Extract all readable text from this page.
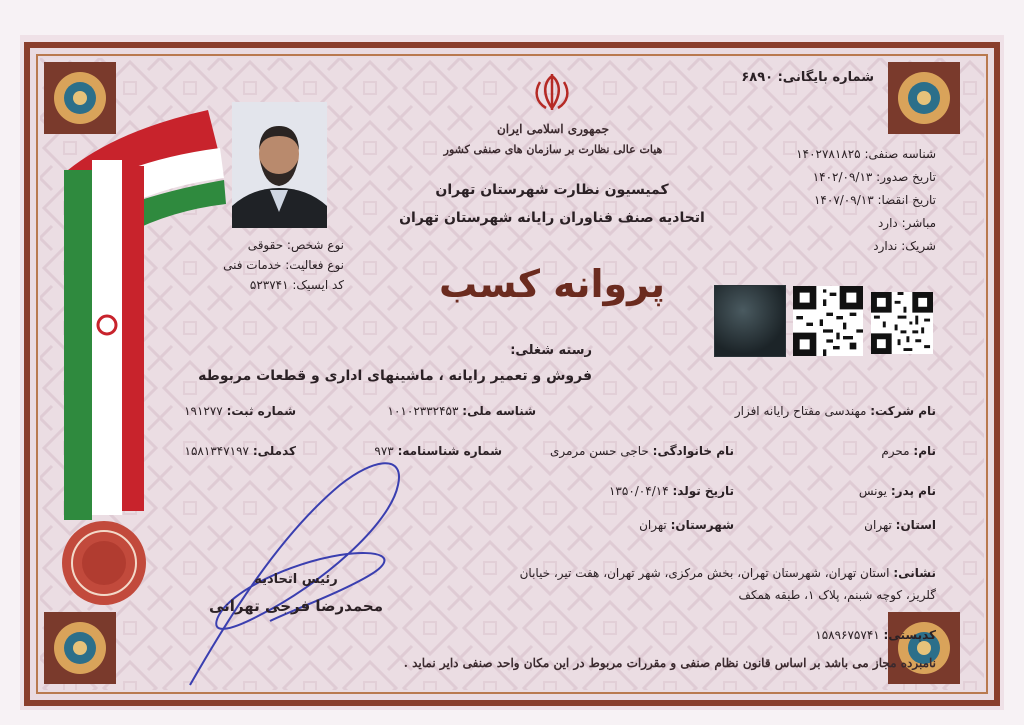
شماره بایگانی: ۶۸۹۰
جمهوری اسلامی ایران
هیات عالی نظارت بر سازمان های صنفی کشور
کمیسیون نظارت شهرستان تهران
اتحادیه صنف فناوران رایانه شهرستان تهران
پروانه کسب
شناسه صنفی: ۱۴۰۲۷۸۱۸۲۵
تاریخ صدور: ۱۴۰۲/۰۹/۱۳
تاریخ انقضا: ۱۴۰۷/۰۹/۱۳
مباشر: دارد
شریک: ندارد
نوع شخص: حقوقی
نوع فعالیت: خدمات فنی
کد ایسیک: ۵۲۳۷۴۱
رسته شغلی:
فروش و تعمیر رایانه ، ماشینهای اداری و قطعات مربوطه
نام شرکت: مهندسی مفتاح رایانه افزار
شناسه ملی: ۱۰۱۰۲۳۳۲۴۵۳
شماره ثبت: ۱۹۱۲۷۷
نام: محرم
نام خانوادگی: حاجی حسن مرمری
شماره شناسنامه: ۹۷۳
کدملی: ۱۵۸۱۳۴۷۱۹۷
نام پدر: یونس
تاریخ تولد: ۱۳۵۰/۰۴/۱۴
استان: تهران
شهرستان: تهران
نشانی: استان تهران، شهرستان تهران، بخش مرکزی، شهر تهران، هفت تیر، خیابان
گلریز، کوچه شبنم، پلاک ۱، طبقه همکف
کدپستی: ۱۵۸۹۶۷۵۷۴۱
رئیس اتحادیه
محمدرضا فرجی تهرانی
نامبرده مجاز می باشد بر اساس قانون نظام صنفی و مقررات مربوط در این مکان واحد صنفی دایر نماید .
